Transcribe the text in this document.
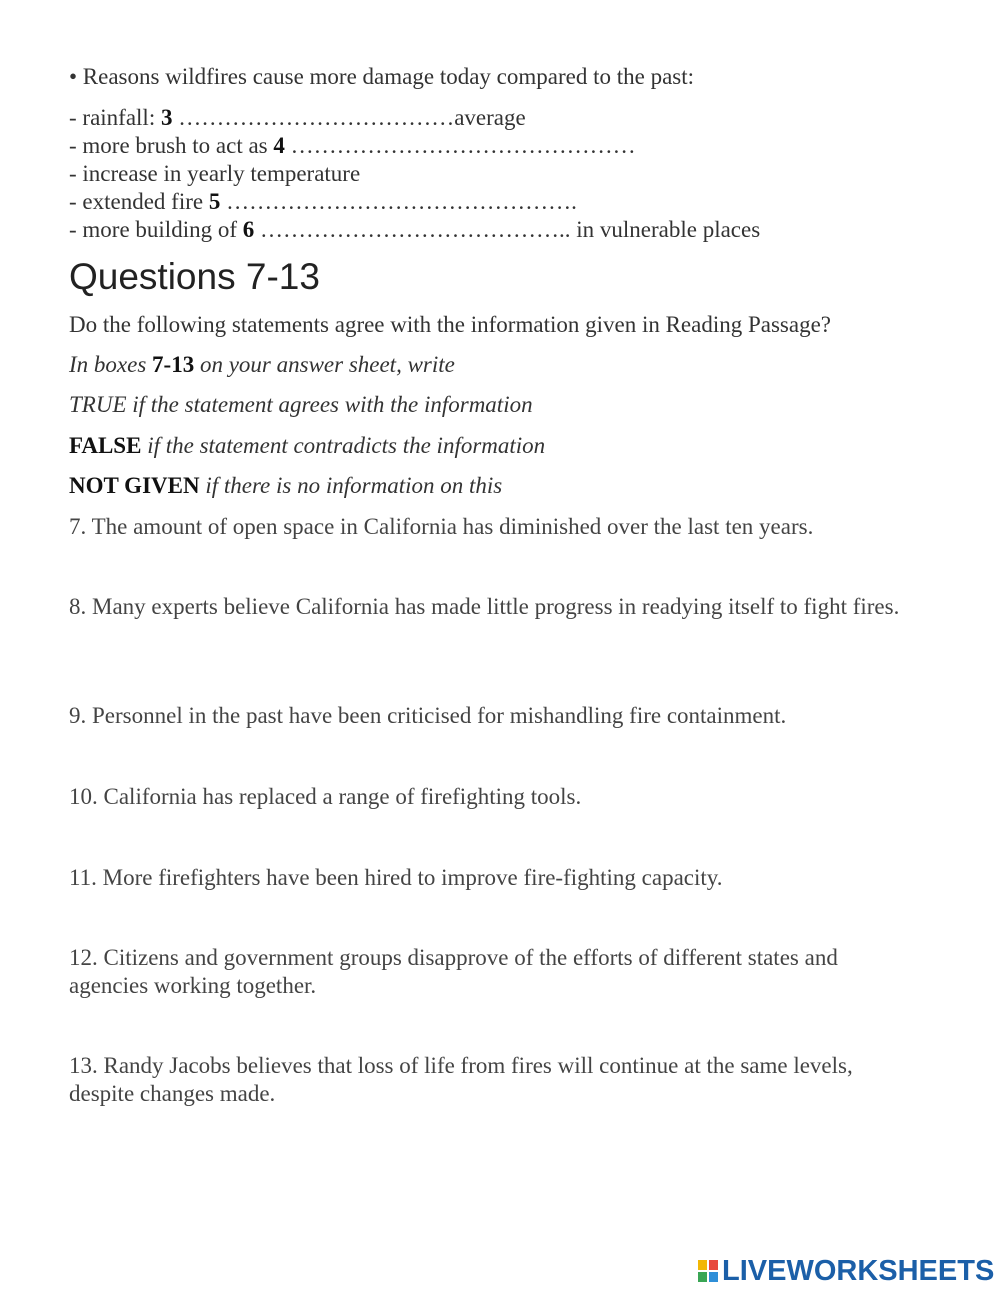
• Reasons wildfires cause more damage today compared to the past:
- rainfall: 3 ………………………………average
- more brush to act as 4 ………………………………………
- increase in yearly temperature
- extended fire 5 ……………………………………….
- more building of 6 ………………………………….. in vulnerable places
Questions 7-13
Do the following statements agree with the information given in Reading Passage?
In boxes 7-13 on your answer sheet, write
TRUE if the statement agrees with the information
FALSE if the statement contradicts the information
NOT GIVEN if there is no information on this
7. The amount of open space in California has diminished over the last ten years.
8. Many experts believe California has made little progress in readying itself to fight fires.
9. Personnel in the past have been criticised for mishandling fire containment.
10. California has replaced a range of firefighting tools.
11. More firefighters have been hired to improve fire-fighting capacity.
12. Citizens and government groups disapprove of the efforts of different states and agencies working together.
13. Randy Jacobs believes that loss of life from fires will continue at the same levels, despite changes made.
LIVEWORKSHEETS
